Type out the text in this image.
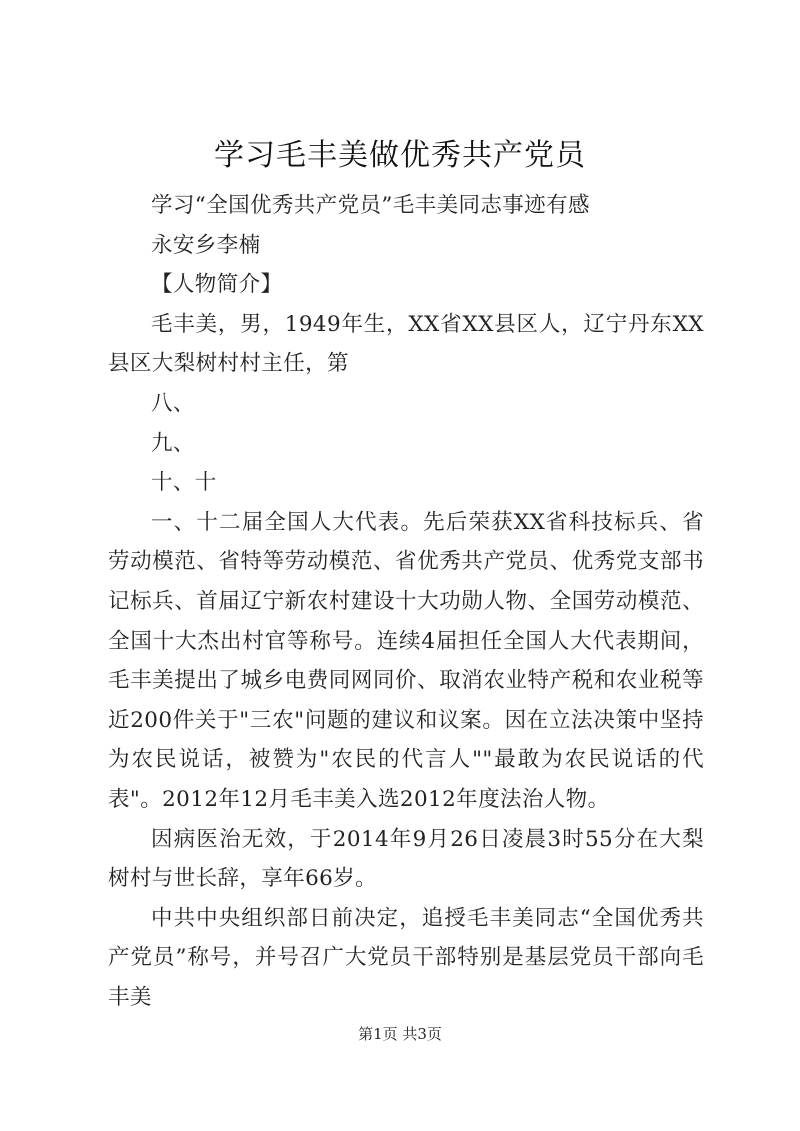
学习毛丰美做优秀共产党员

学习“全国优秀共产党员”毛丰美同志事迹有感

永安乡李楠

【人物简介】

毛丰美，男，1949年生，XX省XX县区人，辽宁丹东XX县区大梨树村村主任，第

八、

九、

十、十

一、十二届全国人大代表。先后荣获XX省科技标兵、省劳动模范、省特等劳动模范、省优秀共产党员、优秀党支部书记标兵、首届辽宁新农村建设十大功勋人物、全国劳动模范、全国十大杰出村官等称号。连续4届担任全国人大代表期间，毛丰美提出了城乡电费同网同价、取消农业特产税和农业税等近200件关于"三农"问题的建议和议案。因在立法决策中坚持为农民说话，被赞为"农民的代言人""最敢为农民说话的代表"。2012年12月毛丰美入选2012年度法治人物。

因病医治无效，于2014年9月26日凌晨3时55分在大梨树村与世长辞，享年66岁。

中共中央组织部日前决定，追授毛丰美同志“全国优秀共产党员”称号，并号召广大党员干部特别是基层党员干部向毛丰美

第1页 共3页
